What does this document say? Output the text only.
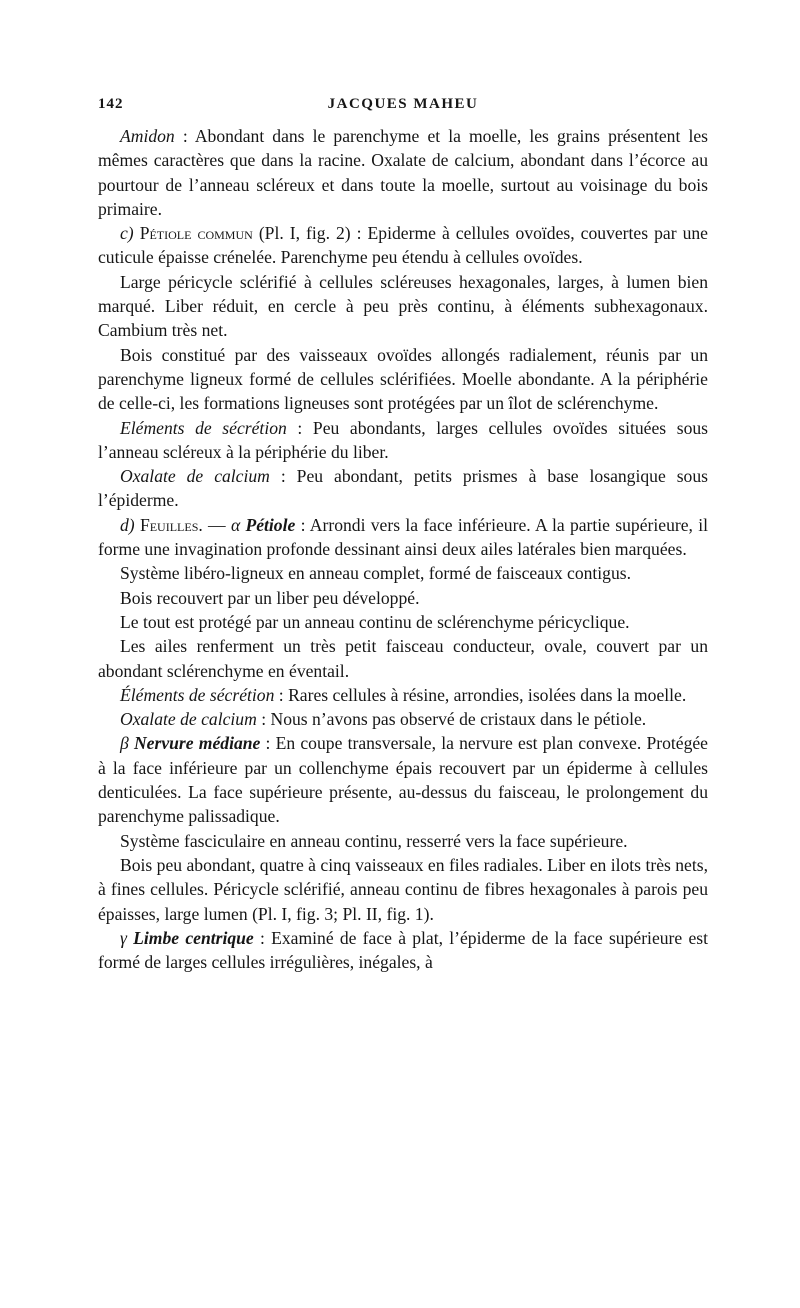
142	JACQUES MAHEU

Amidon : Abondant dans le parenchyme et la moelle, les grains présentent les mêmes caractères que dans la racine. Oxalate de calcium, abondant dans l’écorce au pourtour de l’anneau scléreux et dans toute la moelle, surtout au voisinage du bois primaire.

c) Pétiole commun (Pl. I, fig. 2) : Epiderme à cellules ovoïdes, couvertes par une cuticule épaisse crénelée. Parenchyme peu étendu à cellules ovoïdes.

Large péricycle sclérifié à cellules scléreuses hexagonales, larges, à lumen bien marqué. Liber réduit, en cercle à peu près continu, à éléments subhexagonaux. Cambium très net.

Bois constitué par des vaisseaux ovoïdes allongés radialement, réunis par un parenchyme ligneux formé de cellules sclérifiées. Moelle abondante. A la périphérie de celle-ci, les formations ligneuses sont protégées par un îlot de sclérenchyme.

Eléments de sécrétion : Peu abondants, larges cellules ovoïdes situées sous l’anneau scléreux à la périphérie du liber.

Oxalate de calcium : Peu abondant, petits prismes à base losangique sous l’épiderme.

d) Feuilles. — α Pétiole : Arrondi vers la face inférieure. A la partie supérieure, il forme une invagination profonde dessinant ainsi deux ailes latérales bien marquées.

Système libéro-ligneux en anneau complet, formé de faisceaux contigus.

Bois recouvert par un liber peu développé.

Le tout est protégé par un anneau continu de sclérenchyme péricyclique.

Les ailes renferment un très petit faisceau conducteur, ovale, couvert par un abondant sclérenchyme en éventail.

Éléments de sécrétion : Rares cellules à résine, arrondies, isolées dans la moelle.

Oxalate de calcium : Nous n’avons pas observé de cristaux dans le pétiole.

β Nervure médiane : En coupe transversale, la nervure est plan convexe. Protégée à la face inférieure par un collenchyme épais recouvert par un épiderme à cellules denticulées. La face supérieure présente, au-dessus du faisceau, le prolongement du parenchyme palissadique.

Système fasciculaire en anneau continu, resserré vers la face supérieure.

Bois peu abondant, quatre à cinq vaisseaux en files radiales. Liber en ilots très nets, à fines cellules. Péricycle sclérifié, anneau continu de fibres hexagonales à parois peu épaisses, large lumen (Pl. I, fig. 3; Pl. II, fig. 1).

γ Limbe centrique : Examiné de face à plat, l’épiderme de la face supérieure est formé de larges cellules irrégulières, inégales, à
